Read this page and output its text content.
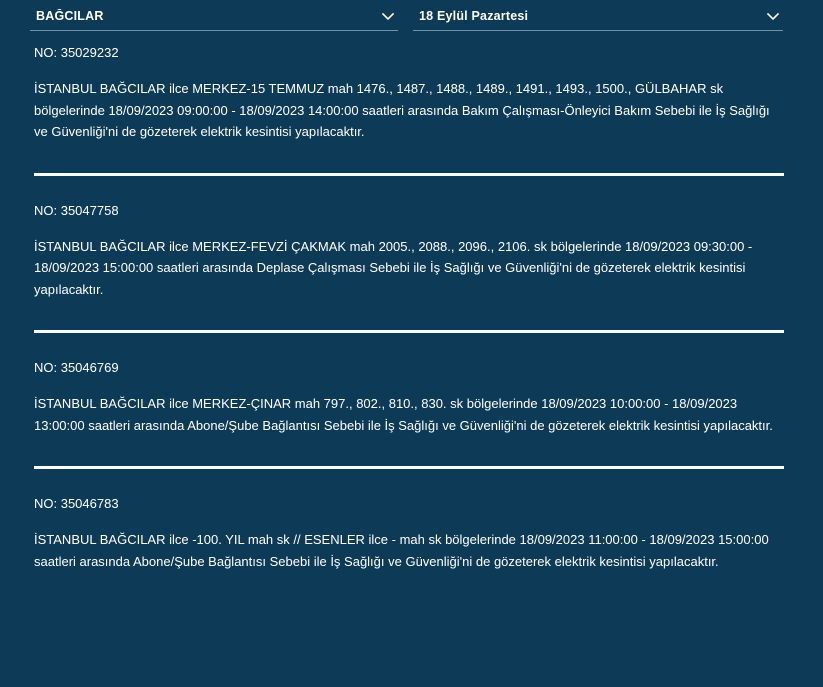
BAĞCILAR	18 Eylül Pazartesi
NO: 35029232

İSTANBUL BAĞCILAR ilce MERKEZ-15 TEMMUZ mah 1476., 1487., 1488., 1489., 1491., 1493., 1500., GÜLBAHAR sk bölgelerinde 18/09/2023 09:00:00 - 18/09/2023 14:00:00 saatleri arasında Bakım Çalışması-Önleyici Bakım Sebebi ile İş Sağlığı ve Güvenliği'ni de gözeterek elektrik kesintisi yapılacaktır.

NO: 35047758

İSTANBUL BAĞCILAR ilce MERKEZ-FEVZİ ÇAKMAK mah 2005., 2088., 2096., 2106. sk bölgelerinde 18/09/2023 09:30:00 - 18/09/2023 15:00:00 saatleri arasında Deplase Çalışması Sebebi ile İş Sağlığı ve Güvenliği'ni de gözeterek elektrik kesintisi yapılacaktır.

NO: 35046769

İSTANBUL BAĞCILAR ilce MERKEZ-ÇINAR mah 797., 802., 810., 830. sk bölgelerinde 18/09/2023 10:00:00 - 18/09/2023 13:00:00 saatleri arasında Abone/Şube Bağlantısı Sebebi ile İş Sağlığı ve Güvenliği'ni de gözeterek elektrik kesintisi yapılacaktır.

NO: 35046783

İSTANBUL BAĞCILAR ilce -100. YIL mah sk // ESENLER ilce - mah sk bölgelerinde 18/09/2023 11:00:00 - 18/09/2023 15:00:00 saatleri arasında Abone/Şube Bağlantısı Sebebi ile İş Sağlığı ve Güvenliği'ni de gözeterek elektrik kesintisi yapılacaktır.
